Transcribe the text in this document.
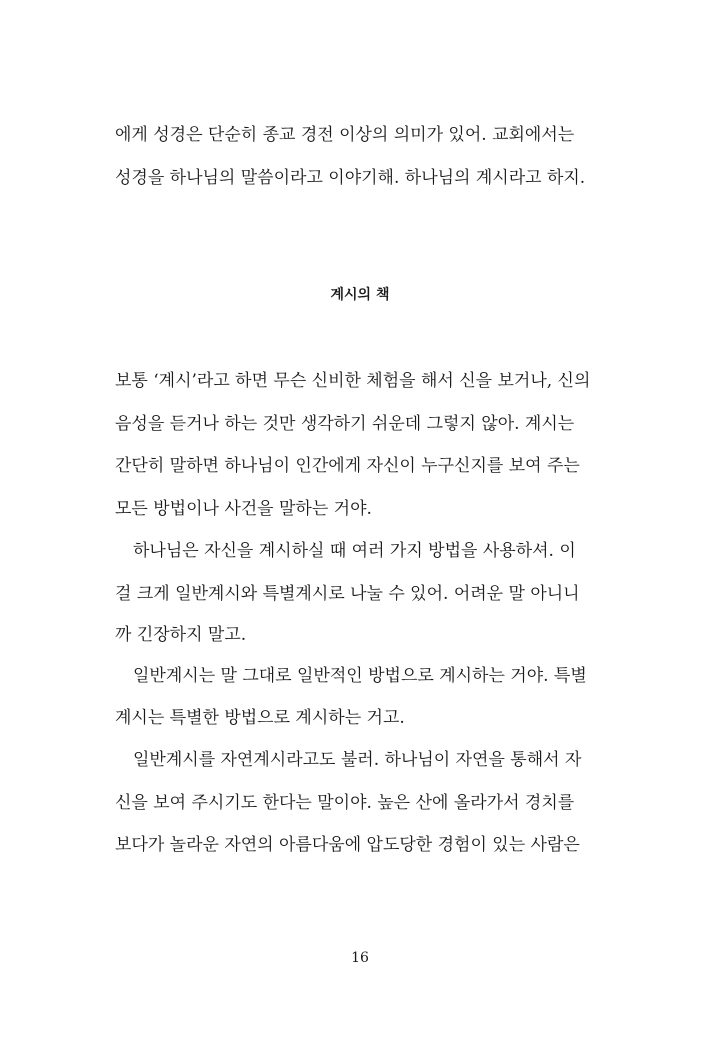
에게 성경은 단순히 종교 경전 이상의 의미가 있어. 교회에서는

성경을 하나님의 말씀이라고 이야기해. 하나님의 계시라고 하지.

계시의 책

보통 ‘계시’라고 하면 무슨 신비한 체험을 해서 신을 보거나, 신의

음성을 듣거나 하는 것만 생각하기 쉬운데 그렇지 않아. 계시는

간단히 말하면 하나님이 인간에게 자신이 누구신지를 보여 주는

모든 방법이나 사건을 말하는 거야.

하나님은 자신을 계시하실 때 여러 가지 방법을 사용하셔. 이

걸 크게 일반계시와 특별계시로 나눌 수 있어. 어려운 말 아니니

까 긴장하지 말고.

일반계시는 말 그대로 일반적인 방법으로 계시하는 거야. 특별

계시는 특별한 방법으로 계시하는 거고.

일반계시를 자연계시라고도 불러. 하나님이 자연을 통해서 자

신을 보여 주시기도 한다는 말이야. 높은 산에 올라가서 경치를

보다가 놀라운 자연의 아름다움에 압도당한 경험이 있는 사람은

16
